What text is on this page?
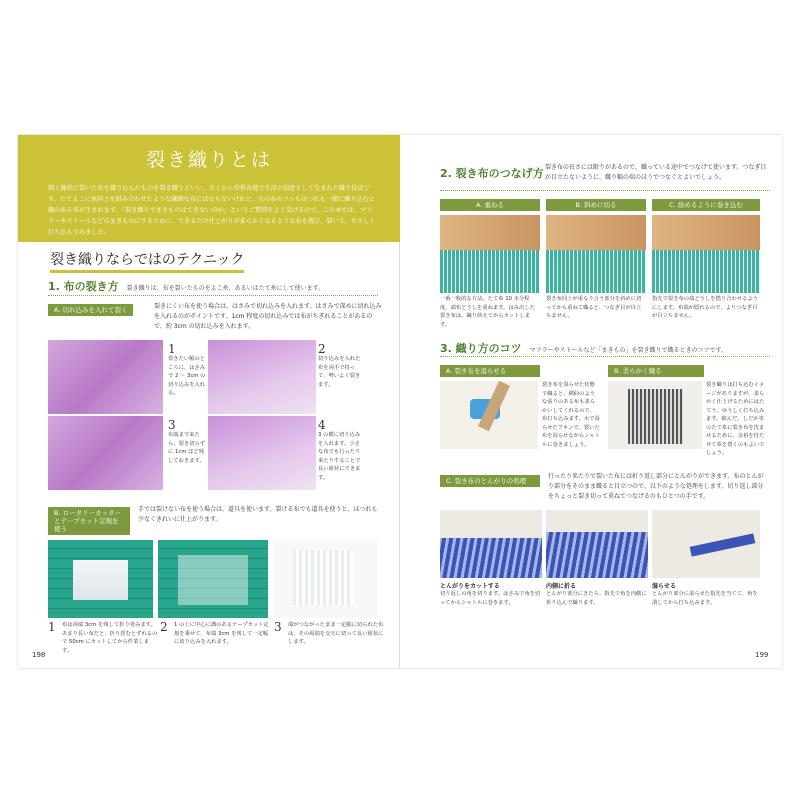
裂き織りとは
細く線状に裂いた布を織り込んだものを裂き織りといい、古くから世界各地で生活の知恵として生まれた織り技法です。たてよこに糸同士を組み合わせたような繊細な布にはならないけれど、元の布のフシもほつれも一緒に織り込むと趣のある布が生まれます。「裂き織りでまきものはできないのか」というご質問をよく受けるので、この本では、マフラーやストールなどのまきものにするために、できるだけ仕上がりが柔らかくなるような布を選び、裂いて、やさしく打ち込んでみました。
裂き織りならではのテクニック
1. 布の裂き方 裂き織りは、布を裂いたものをよこ糸、あるいはたて糸にして使います。
A. 切れ込みを入れて裂く	裂きにくい布を使う場合は、はさみで切れ込みを入れます。はさみで深めに切れ込みを入れるのがポイントです。1cm 程度の切れ込みでは布がちぎれることがあるので、約 3cm の切れ込みを入れます。
1
裂きたい幅のところに、はさみで 2 ～ 3cm の切り込みを入れる。
2
切り込みを入れた布を両手で持って、勢いよく裂きます。
3
布端まで来たら、裂き切らずに 1cm ほど残しておきます。
4
3 の横に切り込みを入れます。小さな布でも行ったり来たりすることで長い紐状にできます。
B. ロータリーカッターとテープカット定規を使う
手では裂けない布を使う場合は、道具を使います。裂ける布でも道具を使うと、ほつれも少なくきれいに仕上がります。
1 布は両端 3cm を残して折り畳みます。あまり長い布だと、折り畳むとずれるので 50cm にカットしてから作業します。
2 1 の上に中心に溝のあるテープカット定規を乗せて、布端 3cm を残して一定幅に切り込みを入れます。
3 端がつながったまま一定幅に切られた布は、その両端を交互に切って長い紐状にします。
198
2. 裂き布のつなげ方 裂き布の長さには限りがあるので、織っている途中でつなげて使います。つなぎ目が目立たないように、織り幅の端のほうでつなぐとよいでしょう。
A. 重ねる	B. 斜めに切る	C. 絡めるように巻き込む
一番一般的な方法。たて糸 10 本分程度、端布どうしを重ねます。はみ出した裂き布は、織り終えてからカットします。
裂き布同士が重なり合う部分を斜めに切ってから重ねて織ると、つなぎ目が目立ちません。
指先で裂き布の端どうしを撚り合わせるようにします。布端が隠れるので、よりつなぎ目が目立ちません。
3. 織り方のコツ マフラーやストールなど「まきもの」を裂き織りで織るときのコツです。
A. 裂き布を湿らせる	B. 柔らかく織る
裂き布を湿らせた状態で織ると、綿仙のような張りのある布も柔らかいしてくれるので、布打ち込みます。水で湿らせたフキンで、裂いた布を湿らせながらシャトルに巻きましょう。
裂き織りは打ち込むイメージがありますが、柔らかく仕上げるためにはたてう、ゆうしく打ち込みます。隙んだ、しだか等のたて糸に裂き布を沈ませるために、余裕を持たせて糸を置くのもよいでしょう。
C. 裂き布のとんがりの処理
行ったり来たりで裂いた布には折り返し部分にとんがりができます。布のとんがり部分をそのまま織ると目立つので、以下のような処理をします。切り返し部分をちょっと裂き切って重ねてつなげるのもひとつの手です。
とんがりをカットする
切り返しの角を切ります。はさみで角を切ってからシャトルに巻きます。
内側に折る
とんがり部分にきたら、指先で角を内側に折り込んで織ります。
湿らせる
とんがり部分に湿らせた指先を当てて、角を潰してから打ち込みます。
199
